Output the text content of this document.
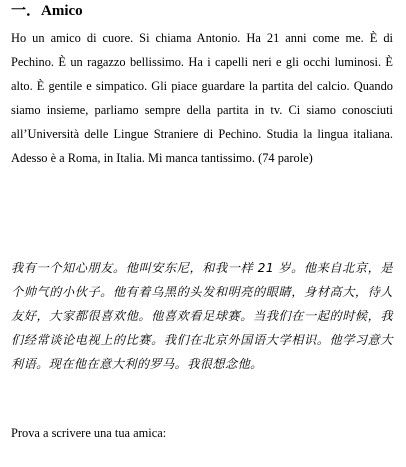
一．Amico

Ho un amico di cuore. Si chiama Antonio. Ha 21 anni come me. È di Pechino. È un ragazzo bellissimo. Ha i capelli neri e gli occhi luminosi. È alto. È gentile e simpatico. Gli piace guardare la partita del calcio. Quando siamo insieme, parliamo sempre della partita in tv. Ci siamo conosciuti all’Università delle Lingue Straniere di Pechino. Studia la lingua italiana. Adesso è a Roma, in Italia. Mi manca tantissimo. (74 parole)

我有一个知心朋友。他叫安东尼，和我一样 21 岁。他来自北京，是个帅气的小伙子。他有着乌黑的头发和明亮的眼睛，身材高大，待人友好，大家都很喜欢他。他喜欢看足球赛。当我们在一起的时候，我们经常谈论电视上的比赛。我们在北京外国语大学相识。他学习意大利语。现在他在意大利的罗马。我很想念他。

Prova a scrivere una tua amica:
